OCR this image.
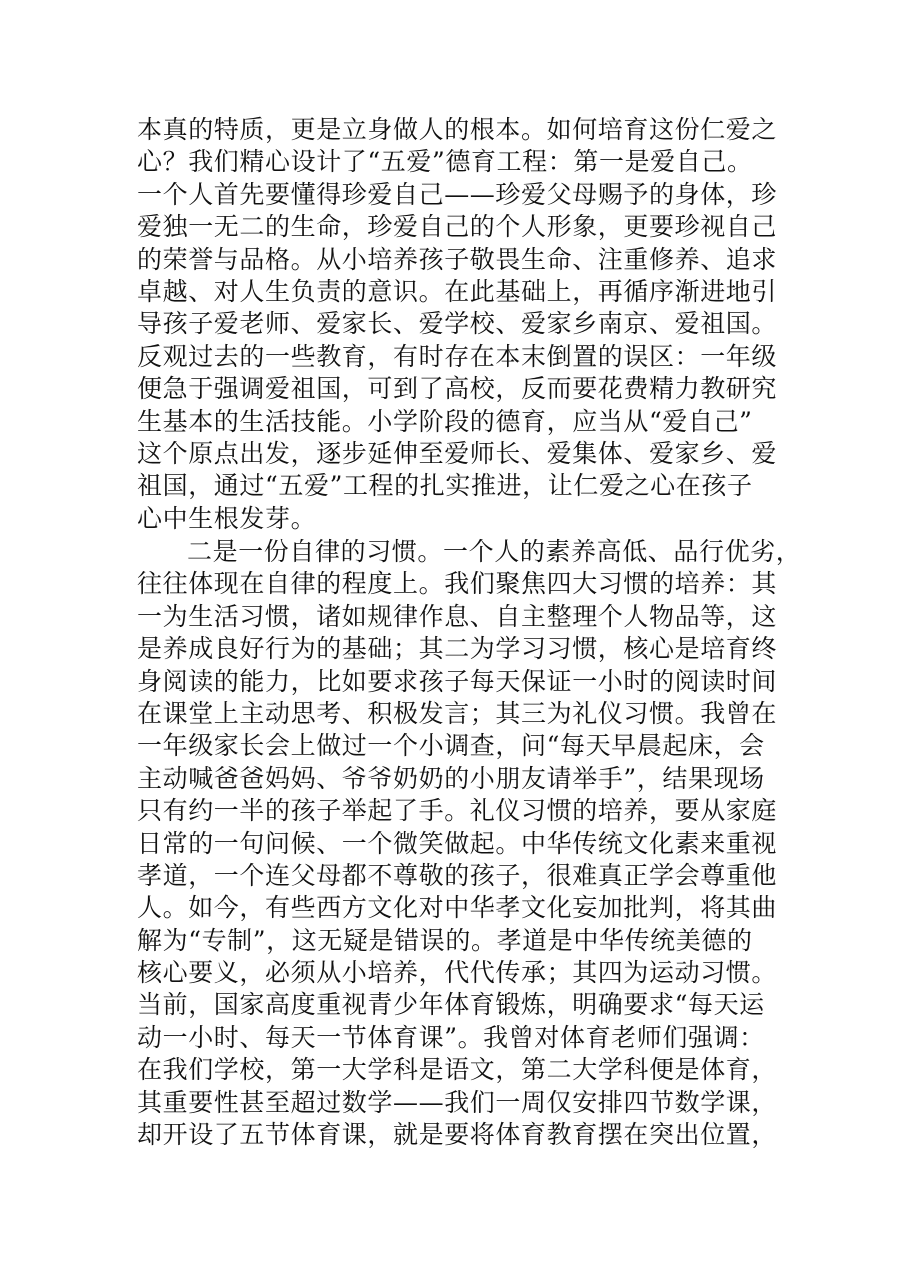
本真的特质，更是立身做人的根本。如何培育这份仁爱之
心？我们精心设计了“五爱”德育工程：第一是爱自己。
一个人首先要懂得珍爱自己——珍爱父母赐予的身体，珍
爱独一无二的生命，珍爱自己的个人形象，更要珍视自己
的荣誉与品格。从小培养孩子敬畏生命、注重修养、追求
卓越、对人生负责的意识。在此基础上，再循序渐进地引
导孩子爱老师、爱家长、爱学校、爱家乡南京、爱祖国。
反观过去的一些教育，有时存在本末倒置的误区：一年级
便急于强调爱祖国，可到了高校，反而要花费精力教研究
生基本的生活技能。小学阶段的德育，应当从“爱自己”
这个原点出发，逐步延伸至爱师长、爱集体、爱家乡、爱
祖国，通过“五爱”工程的扎实推进，让仁爱之心在孩子
心中生根发芽。
二是一份自律的习惯。一个人的素养高低、品行优劣，
往往体现在自律的程度上。我们聚焦四大习惯的培养：其
一为生活习惯，诸如规律作息、自主整理个人物品等，这
是养成良好行为的基础；其二为学习习惯，核心是培育终
身阅读的能力，比如要求孩子每天保证一小时的阅读时间
在课堂上主动思考、积极发言；其三为礼仪习惯。我曾在
一年级家长会上做过一个小调查，问“每天早晨起床，会
主动喊爸爸妈妈、爷爷奶奶的小朋友请举手”，结果现场
只有约一半的孩子举起了手。礼仪习惯的培养，要从家庭
日常的一句问候、一个微笑做起。中华传统文化素来重视
孝道，一个连父母都不尊敬的孩子，很难真正学会尊重他
人。如今，有些西方文化对中华孝文化妄加批判，将其曲
解为“专制”，这无疑是错误的。孝道是中华传统美德的
核心要义，必须从小培养，代代传承；其四为运动习惯。
当前，国家高度重视青少年体育锻炼，明确要求“每天运
动一小时、每天一节体育课”。我曾对体育老师们强调：
在我们学校，第一大学科是语文，第二大学科便是体育，
其重要性甚至超过数学——我们一周仅安排四节数学课，
却开设了五节体育课，就是要将体育教育摆在突出位置，
